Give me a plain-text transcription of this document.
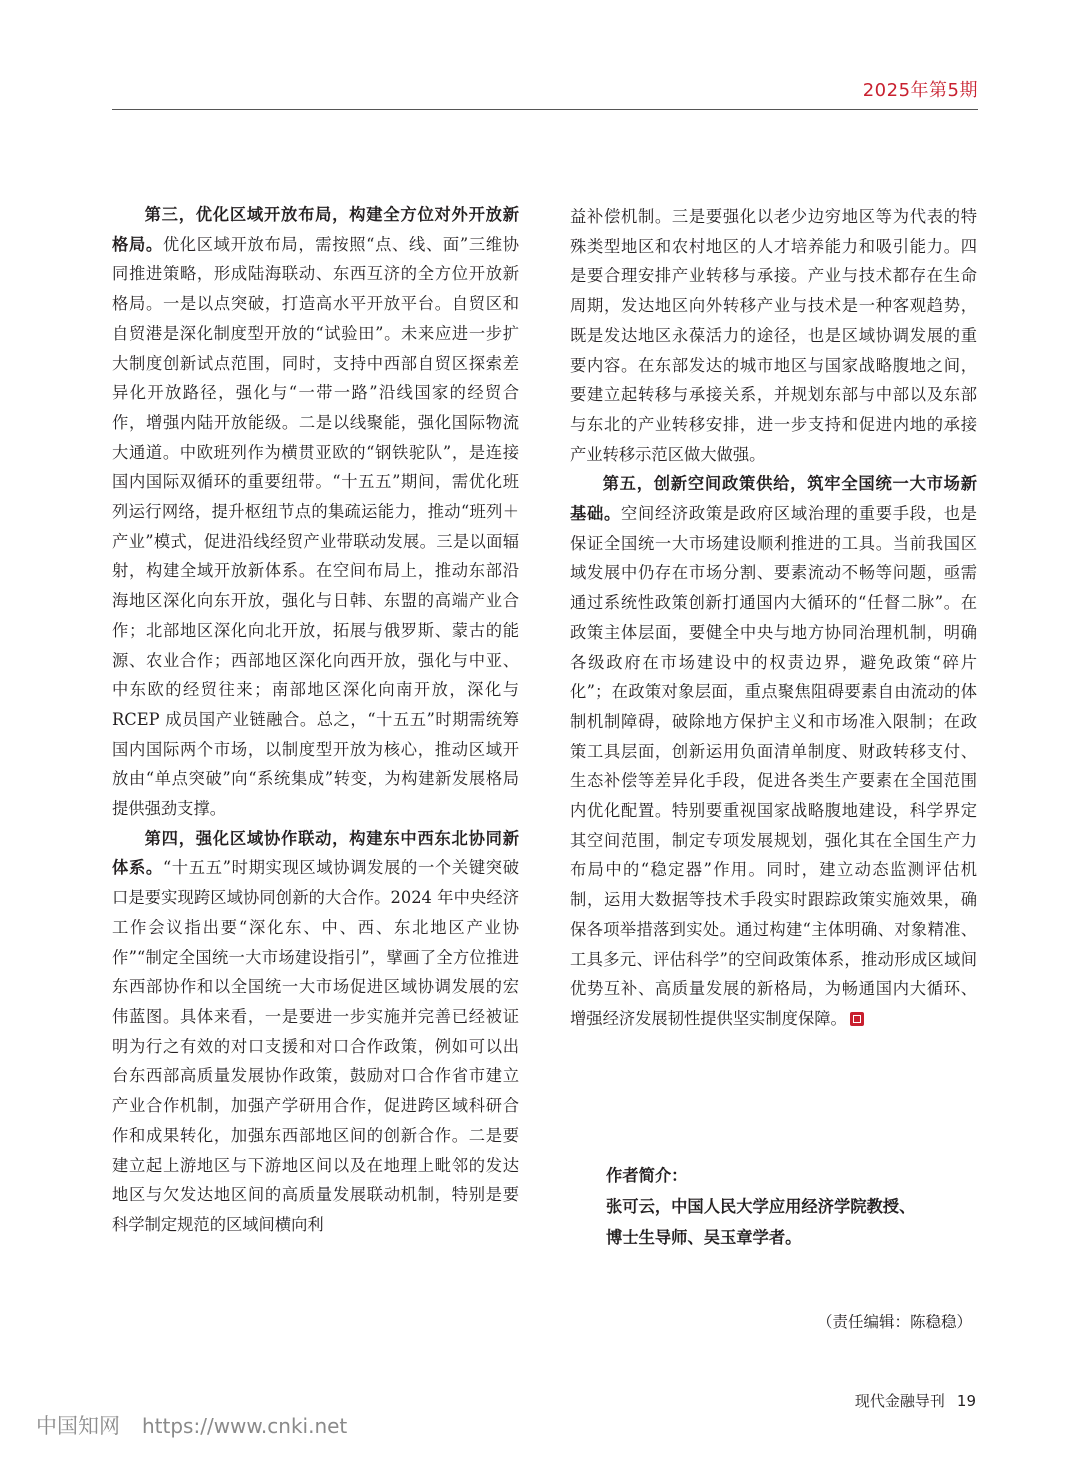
2025年第5期

第三，优化区域开放布局，构建全方位对外开放新格局。优化区域开放布局，需按照“点、线、面”三维协同推进策略，形成陆海联动、东西互济的全方位开放新格局。一是以点突破，打造高水平开放平台。自贸区和自贸港是深化制度型开放的“试验田”。未来应进一步扩大制度创新试点范围，同时，支持中西部自贸区探索差异化开放路径，强化与“一带一路”沿线国家的经贸合作，增强内陆开放能级。二是以线聚能，强化国际物流大通道。中欧班列作为横贯亚欧的“钢铁驼队”，是连接国内国际双循环的重要纽带。“十五五”期间，需优化班列运行网络，提升枢纽节点的集疏运能力，推动“班列＋产业”模式，促进沿线经贸产业带联动发展。三是以面辐射，构建全域开放新体系。在空间布局上，推动东部沿海地区深化向东开放，强化与日韩、东盟的高端产业合作；北部地区深化向北开放，拓展与俄罗斯、蒙古的能源、农业合作；西部地区深化向西开放，强化与中亚、中东欧的经贸往来；南部地区深化向南开放，深化与 RCEP 成员国产业链融合。总之，“十五五”时期需统筹国内国际两个市场，以制度型开放为核心，推动区域开放由“单点突破”向“系统集成”转变，为构建新发展格局提供强劲支撑。

第四，强化区域协作联动，构建东中西东北协同新体系。“十五五”时期实现区域协调发展的一个关键突破口是要实现跨区域协同创新的大合作。2024 年中央经济工作会议指出要“深化东、中、西、东北地区产业协作”“制定全国统一大市场建设指引”，擘画了全方位推进东西部协作和以全国统一大市场促进区域协调发展的宏伟蓝图。具体来看，一是要进一步实施并完善已经被证明为行之有效的对口支援和对口合作政策，例如可以出台东西部高质量发展协作政策，鼓励对口合作省市建立产业合作机制，加强产学研用合作，促进跨区域科研合作和成果转化，加强东西部地区间的创新合作。二是要建立起上游地区与下游地区间以及在地理上毗邻的发达地区与欠发达地区间的高质量发展联动机制，特别是要科学制定规范的区域间横向利

益补偿机制。三是要强化以老少边穷地区等为代表的特殊类型地区和农村地区的人才培养能力和吸引能力。四是要合理安排产业转移与承接。产业与技术都存在生命周期，发达地区向外转移产业与技术是一种客观趋势，既是发达地区永葆活力的途径，也是区域协调发展的重要内容。在东部发达的城市地区与国家战略腹地之间，要建立起转移与承接关系，并规划东部与中部以及东部与东北的产业转移安排，进一步支持和促进内地的承接产业转移示范区做大做强。

第五，创新空间政策供给，筑牢全国统一大市场新基础。空间经济政策是政府区域治理的重要手段，也是保证全国统一大市场建设顺利推进的工具。当前我国区域发展中仍存在市场分割、要素流动不畅等问题，亟需通过系统性政策创新打通国内大循环的“任督二脉”。在政策主体层面，要健全中央与地方协同治理机制，明确各级政府在市场建设中的权责边界，避免政策“碎片化”；在政策对象层面，重点聚焦阻碍要素自由流动的体制机制障碍，破除地方保护主义和市场准入限制；在政策工具层面，创新运用负面清单制度、财政转移支付、生态补偿等差异化手段，促进各类生产要素在全国范围内优化配置。特别要重视国家战略腹地建设，科学界定其空间范围，制定专项发展规划，强化其在全国生产力布局中的“稳定器”作用。同时，建立动态监测评估机制，运用大数据等技术手段实时跟踪政策实施效果，确保各项举措落到实处。通过构建“主体明确、对象精准、工具多元、评估科学”的空间政策体系，推动形成区域间优势互补、高质量发展的新格局，为畅通国内大循环、增强经济发展韧性提供坚实制度保障。

作者简介：
张可云，中国人民大学应用经济学院教授、
博士生导师、吴玉章学者。
（责任编辑：陈稳稳）
现代金融导刊 19
中国知网 https://www.cnki.net
